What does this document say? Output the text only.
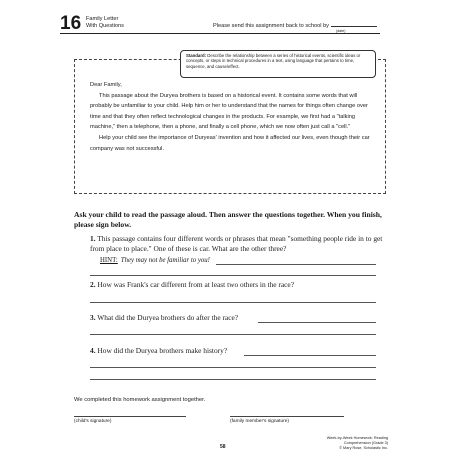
16 Family Letter
With Questions	Please send this assignment back to school by
(date)
Standard: Describe the relationship between a series of historical events, scientific ideas or concepts, or steps in technical procedures in a text, using language that pertains to time, sequence, and cause/effect.

Dear Family,

This passage about the Duryea brothers is based on a historical event. It contains some words that will probably be unfamiliar to your child. Help him or her to understand that the names for things often change over time and that they often reflect technological changes in the products. For example, we first had a "talking machine," then a telephone, then a phone, and finally a cell phone, which we now often just call a "cell."

Help your child see the importance of Duryeas' invention and how it affected our lives, even though their car company was not successful.

Ask your child to read the passage aloud. Then answer the questions together. When you finish, please sign below.
1. This passage contains four different words or phrases that mean "something people ride in to get from place to place." One of these is car. What are the other three?
HINT: They may not be familiar to you!
2. How was Frank's car different from at least two others in the race?
3. What did the Duryea brothers do after the race?
4. How did the Duryea brothers make history?
We completed this homework assignment together.
(child's signature)	(family member's signature)
58
Week-by-Week Homework: Reading Comprehension (Grade 3)
© Mary Rose, Scholastic Inc.
